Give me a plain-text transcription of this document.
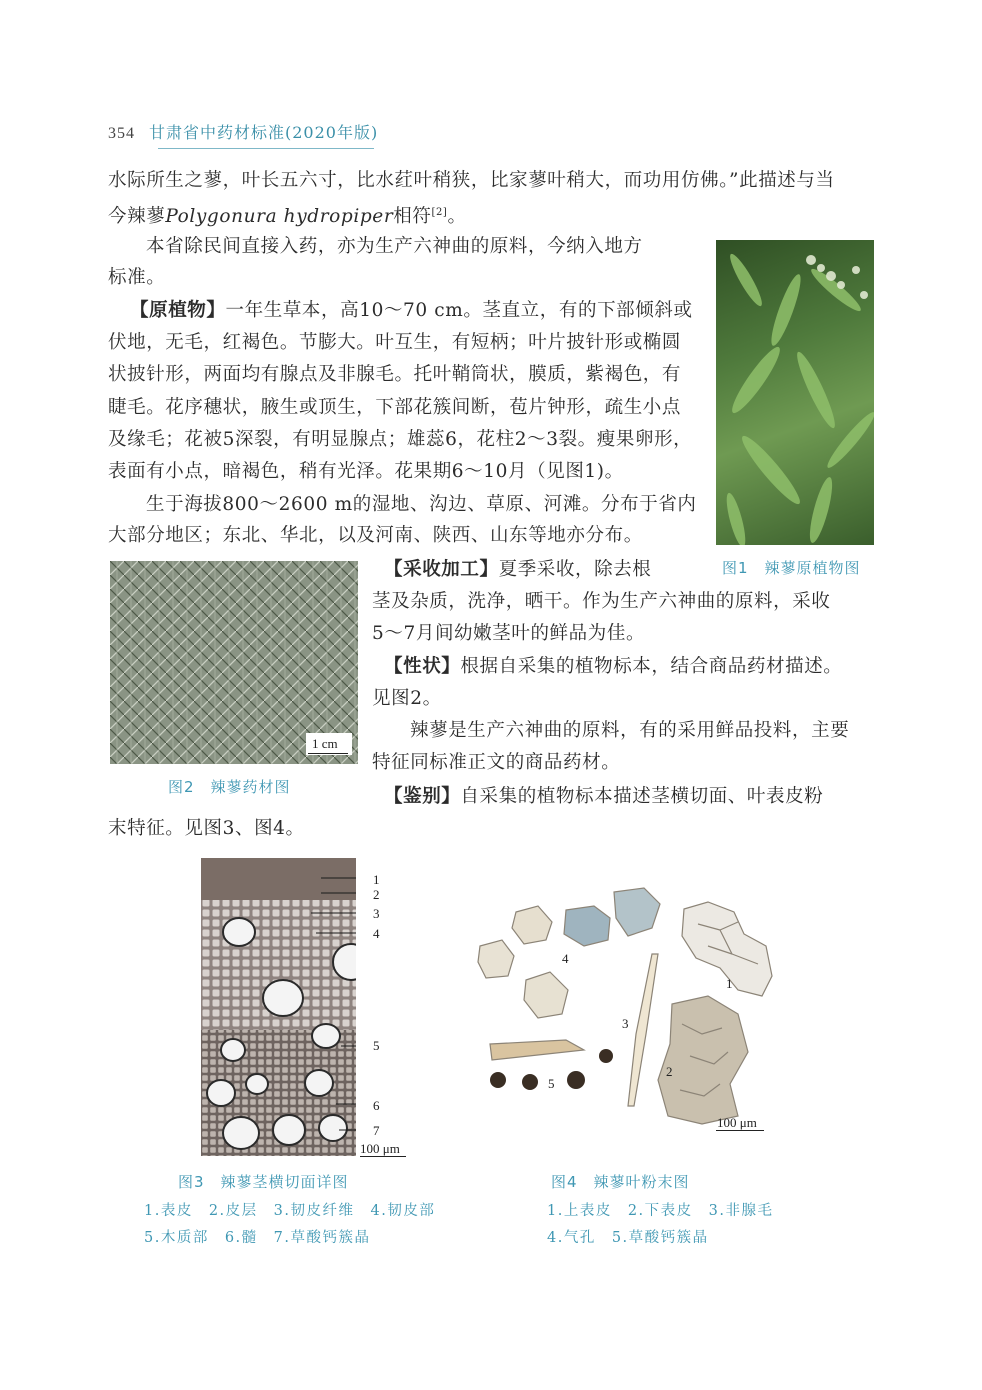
354 甘肃省中药材标准(2020年版)
水际所生之蓼，叶长五六寸，比水荭叶稍狭，比家蓼叶稍大，而功用仿佛。”此描述与当
今辣蓼Polygonura hydropiper相符[2]。
本省除民间直接入药，亦为生产六神曲的原料，今纳入地方
标准。
【原植物】一年生草本，高10～70 cm。茎直立，有的下部倾斜或
伏地，无毛，红褐色。节膨大。叶互生，有短柄；叶片披针形或椭圆
状披针形，两面均有腺点及非腺毛。托叶鞘筒状，膜质，紫褐色，有
睫毛。花序穗状，腋生或顶生，下部花簇间断，苞片钟形，疏生小点
及缘毛；花被5深裂，有明显腺点；雄蕊6，花柱2～3裂。瘦果卵形，
表面有小点，暗褐色，稍有光泽。花果期6～10月（见图1)。
生于海拔800～2600 m的湿地、沟边、草原、河滩。分布于省内
大部分地区；东北、华北，以及河南、陕西、山东等地亦分布。
图1　辣蓼原植物图
1 cm
图2　辣蓼药材图
【采收加工】夏季采收，除去根
茎及杂质，洗净，晒干。作为生产六神曲的原料，采收
5～7月间幼嫩茎叶的鲜品为佳。
【性状】根据自采集的植物标本，结合商品药材描述。
见图2。
辣蓼是生产六神曲的原料，有的采用鲜品投料，主要
特征同标准正文的商品药材。
【鉴别】自采集的植物标本描述茎横切面、叶表皮粉
末特征。见图3、图4。
1
2
3
4
5
6
7
100 μm
图3　辣蓼茎横切面详图
1.表皮　2.皮层　3.韧皮纤维　4.韧皮部
5.木质部　6.髓　7.草酸钙簇晶
1
2
3
4
5
100 μm
图4　辣蓼叶粉末图
1.上表皮　2.下表皮　3.非腺毛
4.气孔　5.草酸钙簇晶
